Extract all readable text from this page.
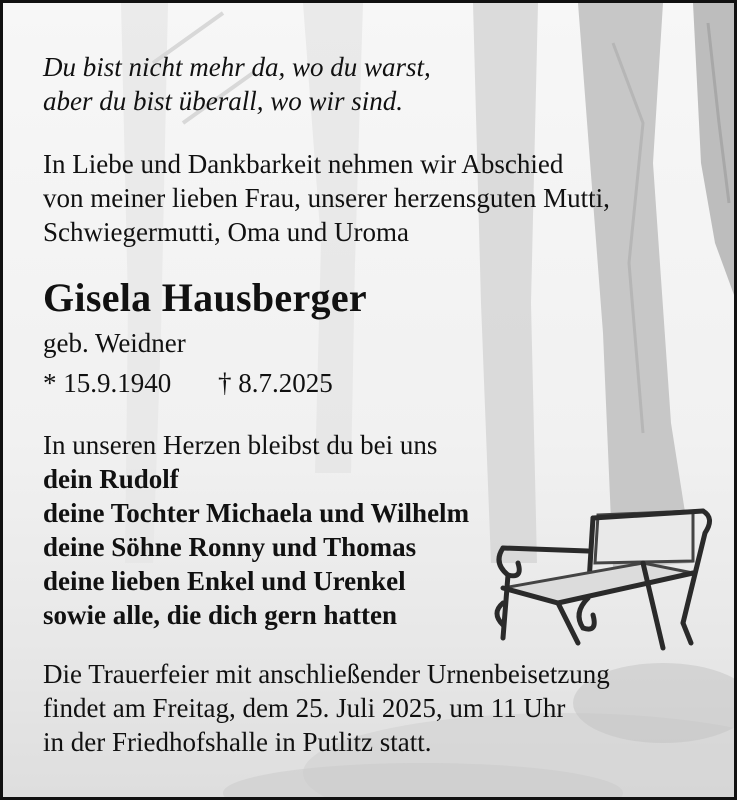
Du bist nicht mehr da, wo du warst,
aber du bist überall, wo wir sind.
In Liebe und Dankbarkeit nehmen wir Abschied
von meiner lieben Frau, unserer herzensguten Mutti,
Schwiegermutti, Oma und Uroma
Gisela Hausberger
geb. Weidner
* 15.9.1940 † 8.7.2025
In unseren Herzen bleibst du bei uns
dein Rudolf
deine Tochter Michaela und Wilhelm
deine Söhne Ronny und Thomas
deine lieben Enkel und Urenkel
sowie alle, die dich gern hatten
Die Trauerfeier mit anschließender Urnenbeisetzung
findet am Freitag, dem 25. Juli 2025, um 11 Uhr
in der Friedhofshalle in Putlitz statt.
